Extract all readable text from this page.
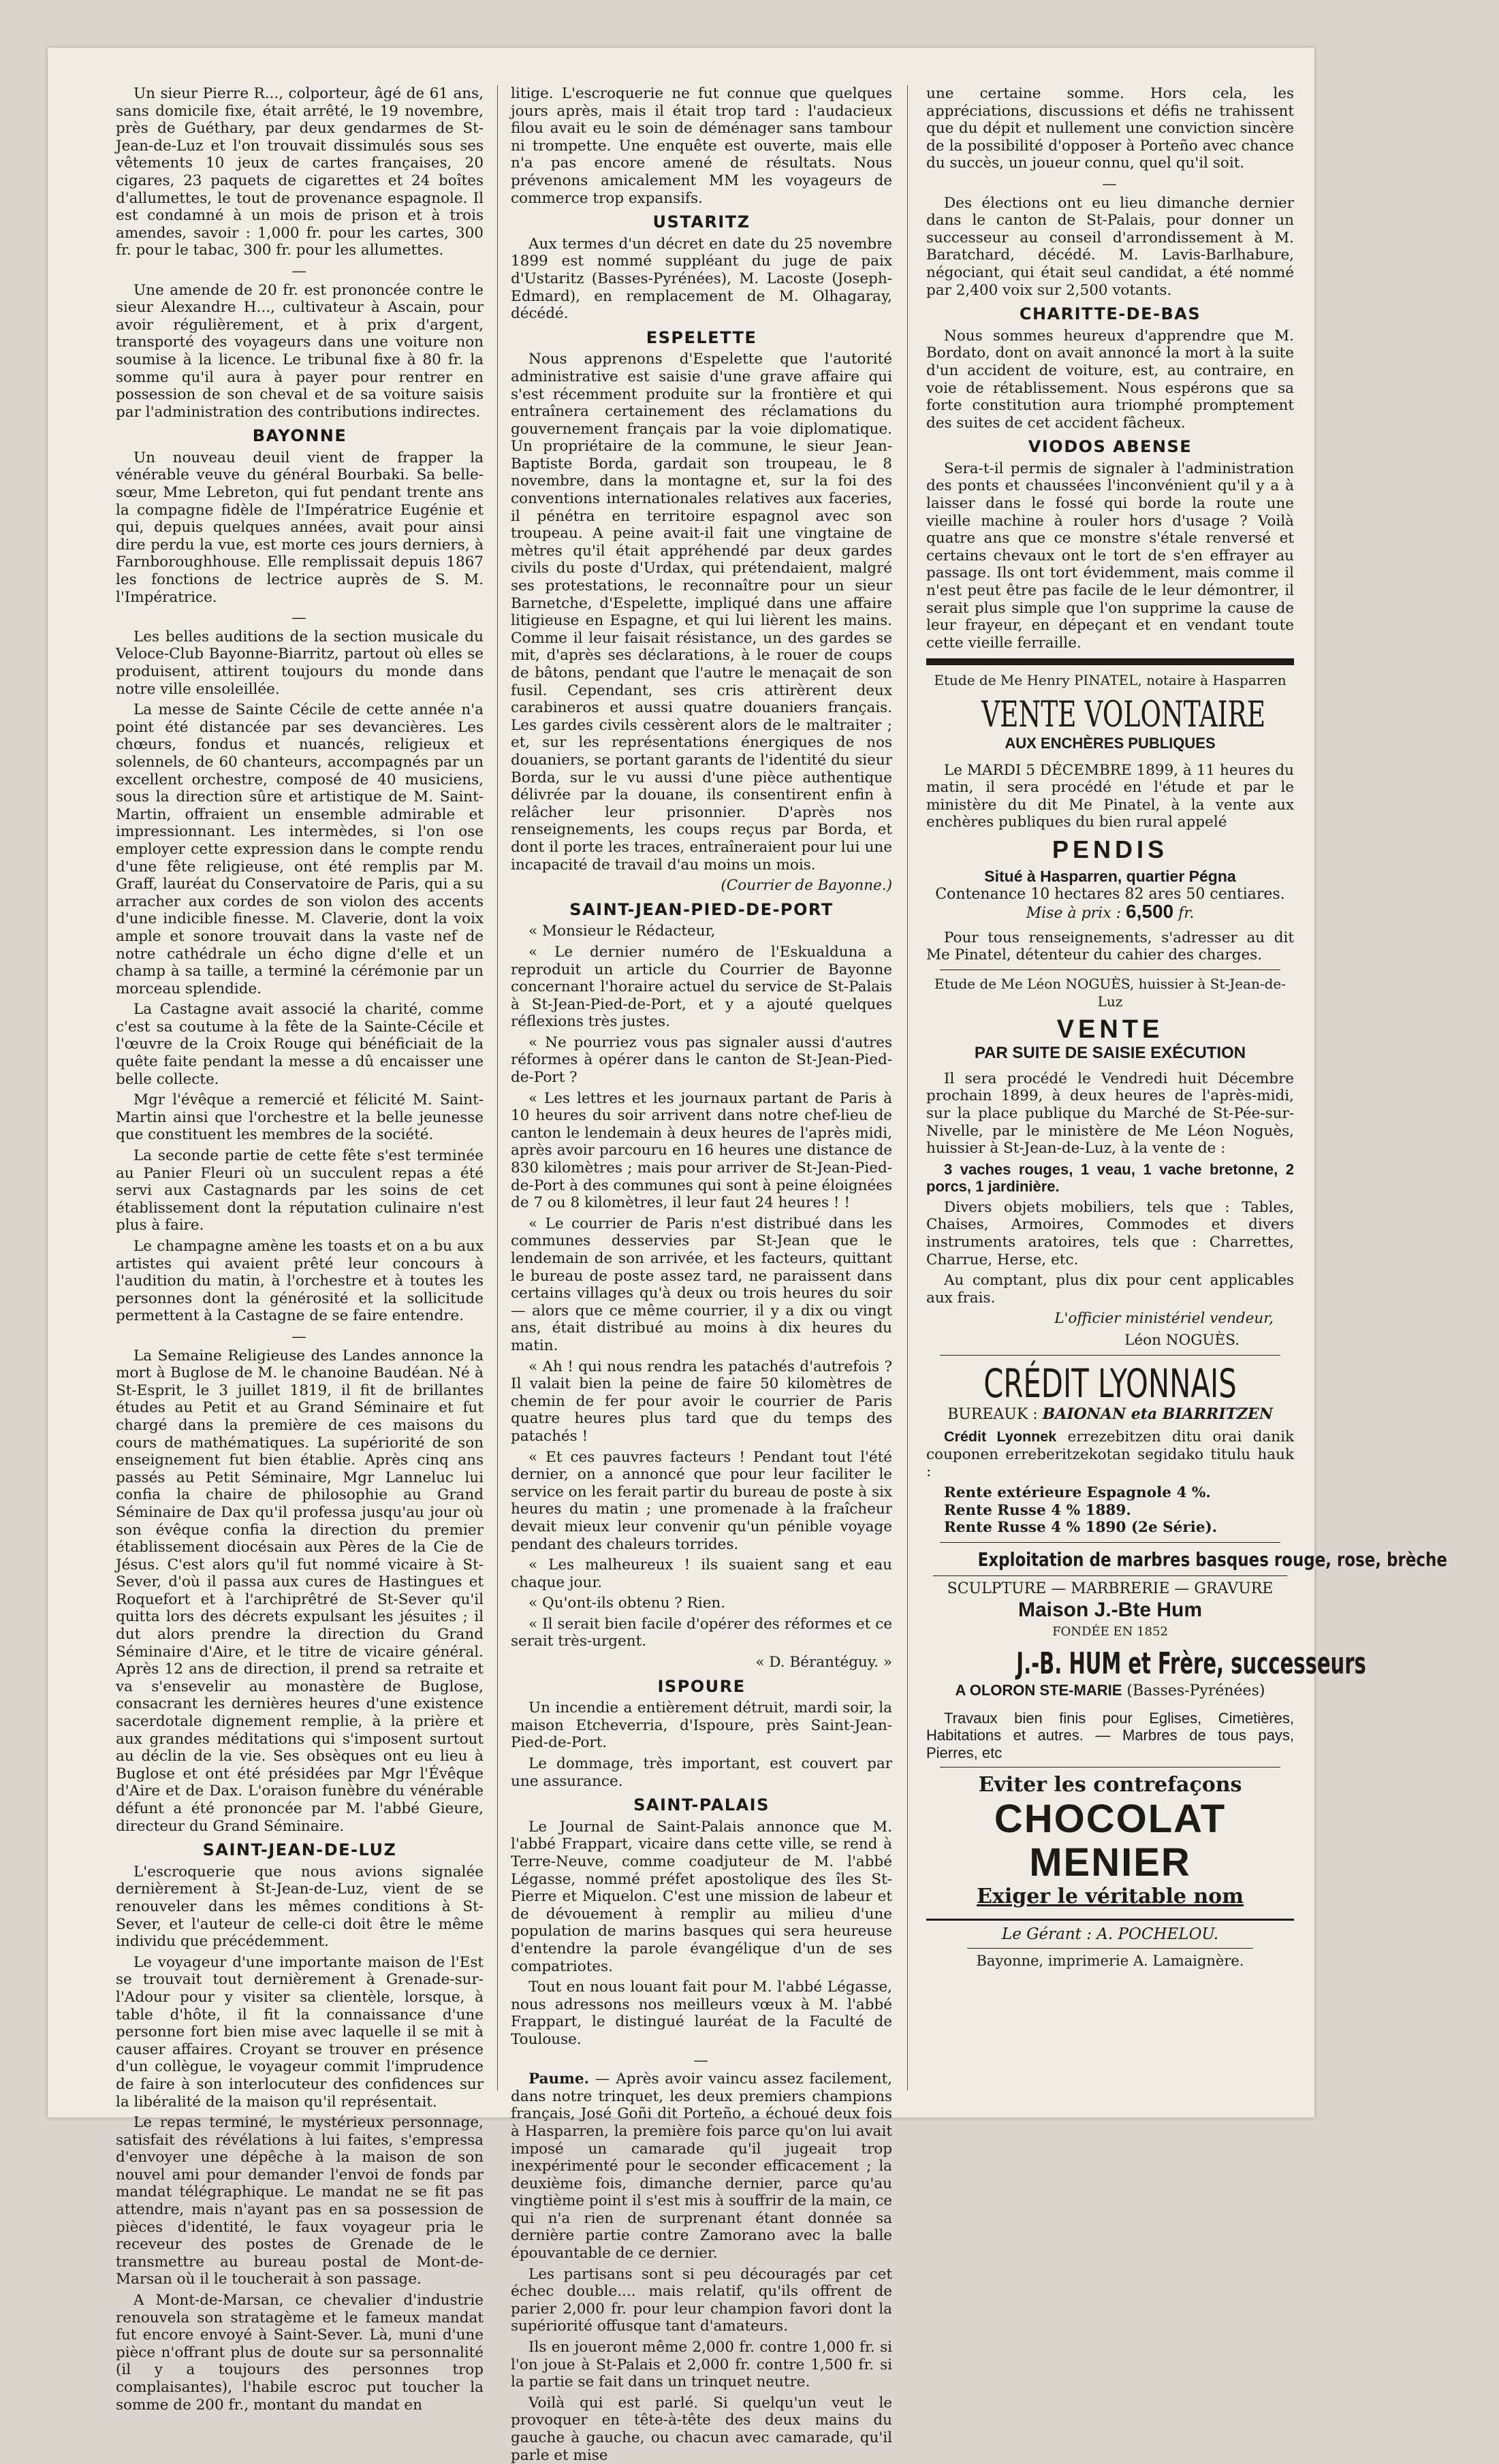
Un sieur Pierre R..., colporteur, âgé de 61 ans, sans domicile fixe, était arrêté, le 19 novembre, près de Guéthary, par deux gendarmes de St-Jean-de-Luz et l'on trouvait dissimulés sous ses vêtements 10 jeux de cartes françaises, 20 cigares, 23 paquets de cigarettes et 24 boîtes d'allumettes, le tout de provenance espagnole. Il est condamné à un mois de prison et à trois amendes, savoir : 1,000 fr. pour les cartes, 300 fr. pour le tabac, 300 fr. pour les allumettes.

—

Une amende de 20 fr. est prononcée contre le sieur Alexandre H..., cultivateur à Ascain, pour avoir régulièrement, et à prix d'argent, transporté des voyageurs dans une voiture non soumise à la licence. Le tribunal fixe à 80 fr. la somme qu'il aura à payer pour rentrer en possession de son cheval et de sa voiture saisis par l'administration des contributions indirectes.

BAYONNE

Un nouveau deuil vient de frapper la vénérable veuve du général Bourbaki. Sa belle-sœur, Mme Lebreton, qui fut pendant trente ans la compagne fidèle de l'Impératrice Eugénie et qui, depuis quelques années, avait pour ainsi dire perdu la vue, est morte ces jours derniers, à Farnboroughhouse. Elle remplissait depuis 1867 les fonctions de lectrice auprès de S. M. l'Impératrice.

—

Les belles auditions de la section musicale du Veloce-Club Bayonne-Biarritz, partout où elles se produisent, attirent toujours du monde dans notre ville ensoleillée.

La messe de Sainte Cécile de cette année n'a point été distancée par ses devancières. Les chœurs, fondus et nuancés, religieux et solennels, de 60 chanteurs, accompagnés par un excellent orchestre, composé de 40 musiciens, sous la direction sûre et artistique de M. Saint-Martin, offraient un ensemble admirable et impressionnant. Les intermèdes, si l'on ose employer cette expression dans le compte rendu d'une fête religieuse, ont été remplis par M. Graff, lauréat du Conservatoire de Paris, qui a su arracher aux cordes de son violon des accents d'une indicible finesse. M. Claverie, dont la voix ample et sonore trouvait dans la vaste nef de notre cathédrale un écho digne d'elle et un champ à sa taille, a terminé la cérémonie par un morceau splendide.

La Castagne avait associé la charité, comme c'est sa coutume à la fête de la Sainte-Cécile et l'œuvre de la Croix Rouge qui bénéficiait de la quête faite pendant la messe a dû encaisser une belle collecte.

Mgr l'évêque a remercié et félicité M. Saint-Martin ainsi que l'orchestre et la belle jeunesse que constituent les membres de la société.

La seconde partie de cette fête s'est terminée au Panier Fleuri où un succulent repas a été servi aux Castagnards par les soins de cet établissement dont la réputation culinaire n'est plus à faire.

Le champagne amène les toasts et on a bu aux artistes qui avaient prêté leur concours à l'audition du matin, à l'orchestre et à toutes les personnes dont la générosité et la sollicitude permettent à la Castagne de se faire entendre.

—

La Semaine Religieuse des Landes annonce la mort à Buglose de M. le chanoine Baudéan. Né à St-Esprit, le 3 juillet 1819, il fit de brillantes études au Petit et au Grand Séminaire et fut chargé dans la première de ces maisons du cours de mathématiques. La supériorité de son enseignement fut bien établie. Après cinq ans passés au Petit Séminaire, Mgr Lanneluc lui confia la chaire de philosophie au Grand Séminaire de Dax qu'il professa jusqu'au jour où son évêque confia la direction du premier établissement diocésain aux Pères de la Cie de Jésus. C'est alors qu'il fut nommé vicaire à St-Sever, d'où il passa aux cures de Hastingues et Roquefort et à l'archiprêtré de St-Sever qu'il quitta lors des décrets expulsant les jésuites ; il dut alors prendre la direction du Grand Séminaire d'Aire, et le titre de vicaire général. Après 12 ans de direction, il prend sa retraite et va s'ensevelir au monastère de Buglose, consacrant les dernières heures d'une existence sacerdotale dignement remplie, à la prière et aux grandes méditations qui s'imposent surtout au déclin de la vie. Ses obsèques ont eu lieu à Buglose et ont été présidées par Mgr l'Évêque d'Aire et de Dax. L'oraison funèbre du vénérable défunt a été prononcée par M. l'abbé Gieure, directeur du Grand Séminaire.

SAINT-JEAN-DE-LUZ

L'escroquerie que nous avions signalée dernièrement à St-Jean-de-Luz, vient de se renouveler dans les mêmes conditions à St-Sever, et l'auteur de celle-ci doit être le même individu que précédemment.

Le voyageur d'une importante maison de l'Est se trouvait tout dernièrement à Grenade-sur-l'Adour pour y visiter sa clientèle, lorsque, à table d'hôte, il fit la connaissance d'une personne fort bien mise avec laquelle il se mit à causer affaires. Croyant se trouver en présence d'un collègue, le voyageur commit l'imprudence de faire à son interlocuteur des confidences sur la libéralité de la maison qu'il représentait.

Le repas terminé, le mystérieux personnage, satisfait des révélations à lui faites, s'empressa d'envoyer une dépêche à la maison de son nouvel ami pour demander l'envoi de fonds par mandat télégraphique. Le mandat ne se fit pas attendre, mais n'ayant pas en sa possession de pièces d'identité, le faux voyageur pria le receveur des postes de Grenade de le transmettre au bureau postal de Mont-de-Marsan où il le toucherait à son passage.

A Mont-de-Marsan, ce chevalier d'industrie renouvela son stratagème et le fameux mandat fut encore envoyé à Saint-Sever. Là, muni d'une pièce n'offrant plus de doute sur sa personnalité (il y a toujours des personnes trop complaisantes), l'habile escroc put toucher la somme de 200 fr., montant du mandat en

litige. L'escroquerie ne fut connue que quelques jours après, mais il était trop tard : l'audacieux filou avait eu le soin de déménager sans tambour ni trompette. Une enquête est ouverte, mais elle n'a pas encore amené de résultats. Nous prévenons amicalement MM les voyageurs de commerce trop expansifs.

USTARITZ

Aux termes d'un décret en date du 25 novembre 1899 est nommé suppléant du juge de paix d'Ustaritz (Basses-Pyrénées), M. Lacoste (Joseph-Edmard), en remplacement de M. Olhagaray, décédé.

ESPELETTE

Nous apprenons d'Espelette que l'autorité administrative est saisie d'une grave affaire qui s'est récemment produite sur la frontière et qui entraînera certainement des réclamations du gouvernement français par la voie diplomatique. Un propriétaire de la commune, le sieur Jean-Baptiste Borda, gardait son troupeau, le 8 novembre, dans la montagne et, sur la foi des conventions internationales relatives aux faceries, il pénétra en territoire espagnol avec son troupeau. A peine avait-il fait une vingtaine de mètres qu'il était appréhendé par deux gardes civils du poste d'Urdax, qui prétendaient, malgré ses protestations, le reconnaître pour un sieur Barnetche, d'Espelette, impliqué dans une affaire litigieuse en Espagne, et qui lui lièrent les mains. Comme il leur faisait résistance, un des gardes se mit, d'après ses déclarations, à le rouer de coups de bâtons, pendant que l'autre le menaçait de son fusil. Cependant, ses cris attirèrent deux carabineros et aussi quatre douaniers français. Les gardes civils cessèrent alors de le maltraiter ; et, sur les représentations énergiques de nos douaniers, se portant garants de l'identité du sieur Borda, sur le vu aussi d'une pièce authentique délivrée par la douane, ils consentirent enfin à relâcher leur prisonnier. D'après nos renseignements, les coups reçus par Borda, et dont il porte les traces, entraîneraient pour lui une incapacité de travail d'au moins un mois.

(Courrier de Bayonne.)
SAINT-JEAN-PIED-DE-PORT

« Monsieur le Rédacteur,

« Le dernier numéro de l'Eskualduna a reproduit un article du Courrier de Bayonne concernant l'horaire actuel du service de St-Palais à St-Jean-Pied-de-Port, et y a ajouté quelques réflexions très justes.

« Ne pourriez vous pas signaler aussi d'autres réformes à opérer dans le canton de St-Jean-Pied-de-Port ?

« Les lettres et les journaux partant de Paris à 10 heures du soir arrivent dans notre chef-lieu de canton le lendemain à deux heures de l'après midi, après avoir parcouru en 16 heures une distance de 830 kilomètres ; mais pour arriver de St-Jean-Pied-de-Port à des communes qui sont à peine éloignées de 7 ou 8 kilomètres, il leur faut 24 heures ! !

« Le courrier de Paris n'est distribué dans les communes desservies par St-Jean que le lendemain de son arrivée, et les facteurs, quittant le bureau de poste assez tard, ne paraissent dans certains villages qu'à deux ou trois heures du soir — alors que ce même courrier, il y a dix ou vingt ans, était distribué au moins à dix heures du matin.

« Ah ! qui nous rendra les patachés d'autrefois ? Il valait bien la peine de faire 50 kilomètres de chemin de fer pour avoir le courrier de Paris quatre heures plus tard que du temps des patachés !

« Et ces pauvres facteurs ! Pendant tout l'été dernier, on a annoncé que pour leur faciliter le service on les ferait partir du bureau de poste à six heures du matin ; une promenade à la fraîcheur devait mieux leur convenir qu'un pénible voyage pendant des chaleurs torrides.

« Les malheureux ! ils suaient sang et eau chaque jour.

« Qu'ont-ils obtenu ? Rien.

« Il serait bien facile d'opérer des réformes et ce serait très-urgent.

« D. Bérantéguy. »
ISPOURE

Un incendie a entièrement détruit, mardi soir, la maison Etcheverria, d'Ispoure, près Saint-Jean-Pied-de-Port.

Le dommage, très important, est couvert par une assurance.

SAINT-PALAIS

Le Journal de Saint-Palais annonce que M. l'abbé Frappart, vicaire dans cette ville, se rend à Terre-Neuve, comme coadjuteur de M. l'abbé Légasse, nommé préfet apostolique des îles St-Pierre et Miquelon. C'est une mission de labeur et de dévouement à remplir au milieu d'une population de marins basques qui sera heureuse d'entendre la parole évangélique d'un de ses compatriotes.

Tout en nous louant fait pour M. l'abbé Légasse, nous adressons nos meilleurs vœux à M. l'abbé Frappart, le distingué lauréat de la Faculté de Toulouse.

—

Paume. — Après avoir vaincu assez facilement, dans notre trinquet, les deux premiers champions français, José Goñi dit Porteño, a échoué deux fois à Hasparren, la première fois parce qu'on lui avait imposé un camarade qu'il jugeait trop inexpérimenté pour le seconder efficacement ; la deuxième fois, dimanche dernier, parce qu'au vingtième point il s'est mis à souffrir de la main, ce qui n'a rien de surprenant étant donnée sa dernière partie contre Zamorano avec la balle épouvantable de ce dernier.

Les partisans sont si peu découragés par cet échec double.... mais relatif, qu'ils offrent de parier 2,000 fr. pour leur champion favori dont la supériorité offusque tant d'amateurs.

Ils en joueront même 2,000 fr. contre 1,000 fr. si l'on joue à St-Palais et 2,000 fr. contre 1,500 fr. si la partie se fait dans un trinquet neutre.

Voilà qui est parlé. Si quelqu'un veut le provoquer en tête-à-tête des deux mains du gauche à gauche, ou chacun avec camarade, qu'il parle et mise

une certaine somme. Hors cela, les appréciations, discussions et défis ne trahissent que du dépit et nullement une conviction sincère de la possibilité d'opposer à Porteño avec chance du succès, un joueur connu, quel qu'il soit.

—

Des élections ont eu lieu dimanche dernier dans le canton de St-Palais, pour donner un successeur au conseil d'arrondissement à M. Baratchard, décédé. M. Lavis-Barlhabure, négociant, qui était seul candidat, a été nommé par 2,400 voix sur 2,500 votants.

CHARITTE-DE-BAS

Nous sommes heureux d'apprendre que M. Bordato, dont on avait annoncé la mort à la suite d'un accident de voiture, est, au contraire, en voie de rétablissement. Nous espérons que sa forte constitution aura triomphé promptement des suites de cet accident fâcheux.

VIODOS ABENSE

Sera-t-il permis de signaler à l'administration des ponts et chaussées l'inconvénient qu'il y a à laisser dans le fossé qui borde la route une vieille machine à rouler hors d'usage ? Voilà quatre ans que ce monstre s'étale renversé et certains chevaux ont le tort de s'en effrayer au passage. Ils ont tort évidemment, mais comme il n'est peut être pas facile de le leur démontrer, il serait plus simple que l'on supprime la cause de leur frayeur, en dépeçant et en vendant toute cette vieille ferraille.

Etude de Me Henry PINATEL, notaire à Hasparren
VENTE VOLONTAIRE
AUX ENCHÈRES PUBLIQUES

Le MARDI 5 DÉCEMBRE 1899, à 11 heures du matin, il sera procédé en l'étude et par le ministère du dit Me Pinatel, à la vente aux enchères publiques du bien rural appelé

PENDIS
Situé à Hasparren, quartier Pégna
Contenance 10 hectares 82 ares 50 centiares.
Mise à prix : 6,500 fr.

Pour tous renseignements, s'adresser au dit Me Pinatel, détenteur du cahier des charges.

Etude de Me Léon NOGUÈS, huissier à St-Jean-de-Luz
VENTE
PAR SUITE DE SAISIE EXÉCUTION

Il sera procédé le Vendredi huit Décembre prochain 1899, à deux heures de l'après-midi, sur la place publique du Marché de St-Pée-sur-Nivelle, par le ministère de Me Léon Noguès, huissier à St-Jean-de-Luz, à la vente de :

3 vaches rouges, 1 veau, 1 vache bretonne, 2 porcs, 1 jardinière.

Divers objets mobiliers, tels que : Tables, Chaises, Armoires, Commodes et divers instruments aratoires, tels que : Charrettes, Charrue, Herse, etc.

Au comptant, plus dix pour cent applicables aux frais.

L'officier ministériel vendeur,
Léon NOGUÈS.
CRÉDIT LYONNAIS
BUREAUK : BAIONAN eta BIARRITZEN

Crédit Lyonnek errezebitzen ditu orai danik couponen erreberitzekotan segidako titulu hauk :

Rente extérieure Espagnole 4 %.
Rente Russe 4 % 1889.
Rente Russe 4 % 1890 (2e Série).
Exploitation de marbres basques rouge, rose, brèche
SCULPTURE — MARBRERIE — GRAVURE
Maison J.-Bte Hum
FONDÉE EN 1852
J.-B. HUM et Frère, successeurs
A OLORON STE-MARIE (Basses-Pyrénées)

Travaux bien finis pour Eglises, Cimetières, Habitations et autres. — Marbres de tous pays, Pierres, etc

Eviter les contrefaçons
CHOCOLAT
MENIER
Exiger le véritable nom
Le Gérant : A. POCHELOU.
Bayonne, imprimerie A. Lamaignère.
